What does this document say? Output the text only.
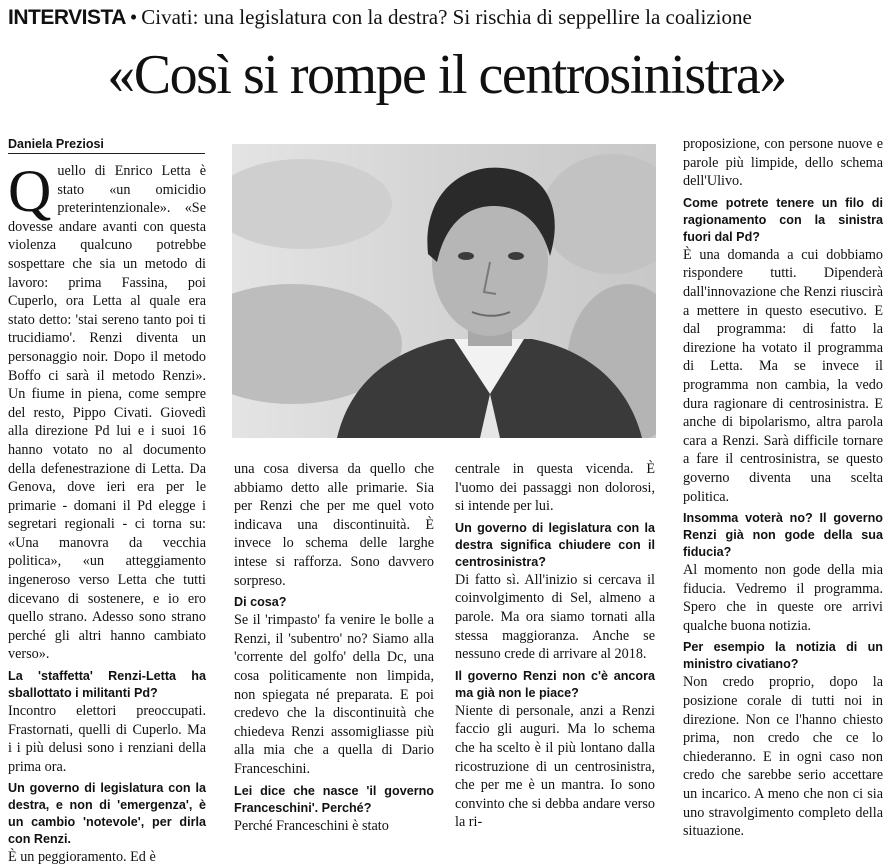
INTERVISTA • Civati: una legislatura con la destra? Si rischia di seppellire la coalizione
«Così si rompe il centrosinistra»
Daniela Preziosi
Q uello di Enrico Letta è stato «un omicidio preterintenzionale». «Se dovesse andare avanti con questa violenza qualcuno potrebbe sospettare che sia un metodo di lavoro: prima Fassina, poi Cuperlo, ora Letta al quale era stato detto: 'stai sereno tanto poi ti trucidiamo'. Renzi diventa un personaggio noir. Dopo il metodo Boffo ci sarà il metodo Renzi». Un fiume in piena, come sempre del resto, Pippo Civati. Giovedì alla direzione Pd lui e i suoi 16 hanno votato no al documento della defenestrazione di Letta. Da Genova, dove ieri era per le primarie - domani il Pd elegge i segretari regionali - ci torna su: «Una manovra da vecchia politica», «un atteggiamento ingeneroso verso Letta che tutti dicevano di sostenere, e io ero quello strano. Adesso sono strano perché gli altri hanno cambiato verso».

La 'staffetta' Renzi-Letta ha sballottato i militanti Pd?

Incontro elettori preoccupati. Frastornati, quelli di Cuperlo. Ma i i più delusi sono i renziani della prima ora.

Un governo di legislatura con la destra, e non di 'emergenza', è un cambio 'notevole', per dirla con Renzi.

È un peggioramento. Ed è

una cosa diversa da quello che abbiamo detto alle primarie. Sia per Renzi che per me quel voto indicava una discontinuità. È invece lo schema delle larghe intese si rafforza. Sono davvero sorpreso.

Di cosa?

Se il 'rimpasto' fa venire le bolle a Renzi, il 'subentro' no? Siamo alla 'corrente del golfo' della Dc, una cosa politicamente non limpida, non spiegata né preparata. E poi credevo che la discontinuità che chiedeva Renzi assomigliasse più alla mia che a quella di Dario Franceschini.

Lei dice che nasce 'il governo Franceschini'. Perché?

Perché Franceschini è stato

centrale in questa vicenda. È l'uomo dei passaggi non dolorosi, si intende per lui.

Un governo di legislatura con la destra significa chiudere con il centrosinistra?

Di fatto sì. All'inizio si cercava il coinvolgimento di Sel, almeno a parole. Ma ora siamo tornati alla stessa maggioranza. Anche se nessuno crede di arrivare al 2018.

Il governo Renzi non c'è ancora ma già non le piace?

Niente di personale, anzi a Renzi faccio gli auguri. Ma lo schema che ha scelto è il più lontano dalla ricostruzione di un centrosinistra, che per me è un mantra. Io sono convinto che si debba andare verso la ri-

proposizione, con persone nuove e parole più limpide, dello schema dell'Ulivo.

Come potrete tenere un filo di ragionamento con la sinistra fuori dal Pd?

È una domanda a cui dobbiamo rispondere tutti. Dipenderà dall'innovazione che Renzi riuscirà a mettere in questo esecutivo. E dal programma: di fatto la direzione ha votato il programma di Letta. Ma se invece il programma non cambia, la vedo dura ragionare di centrosinistra. E anche di bipolarismo, altra parola cara a Renzi. Sarà difficile tornare a fare il centrosinistra, se questo governo diventa una scelta politica.

Insomma voterà no? Il governo Renzi già non gode della sua fiducia?

Al momento non gode della mia fiducia. Vedremo il programma. Spero che in queste ore arrivi qualche buona notizia.

Per esempio la notizia di un ministro civatiano?

Non credo proprio, dopo la posizione corale di tutti noi in direzione. Non ce l'hanno chiesto prima, non credo che ce lo chiederanno. E in ogni caso non credo che sarebbe serio accettare un incarico. A meno che non ci sia uno stravolgimento completo della situazione.
